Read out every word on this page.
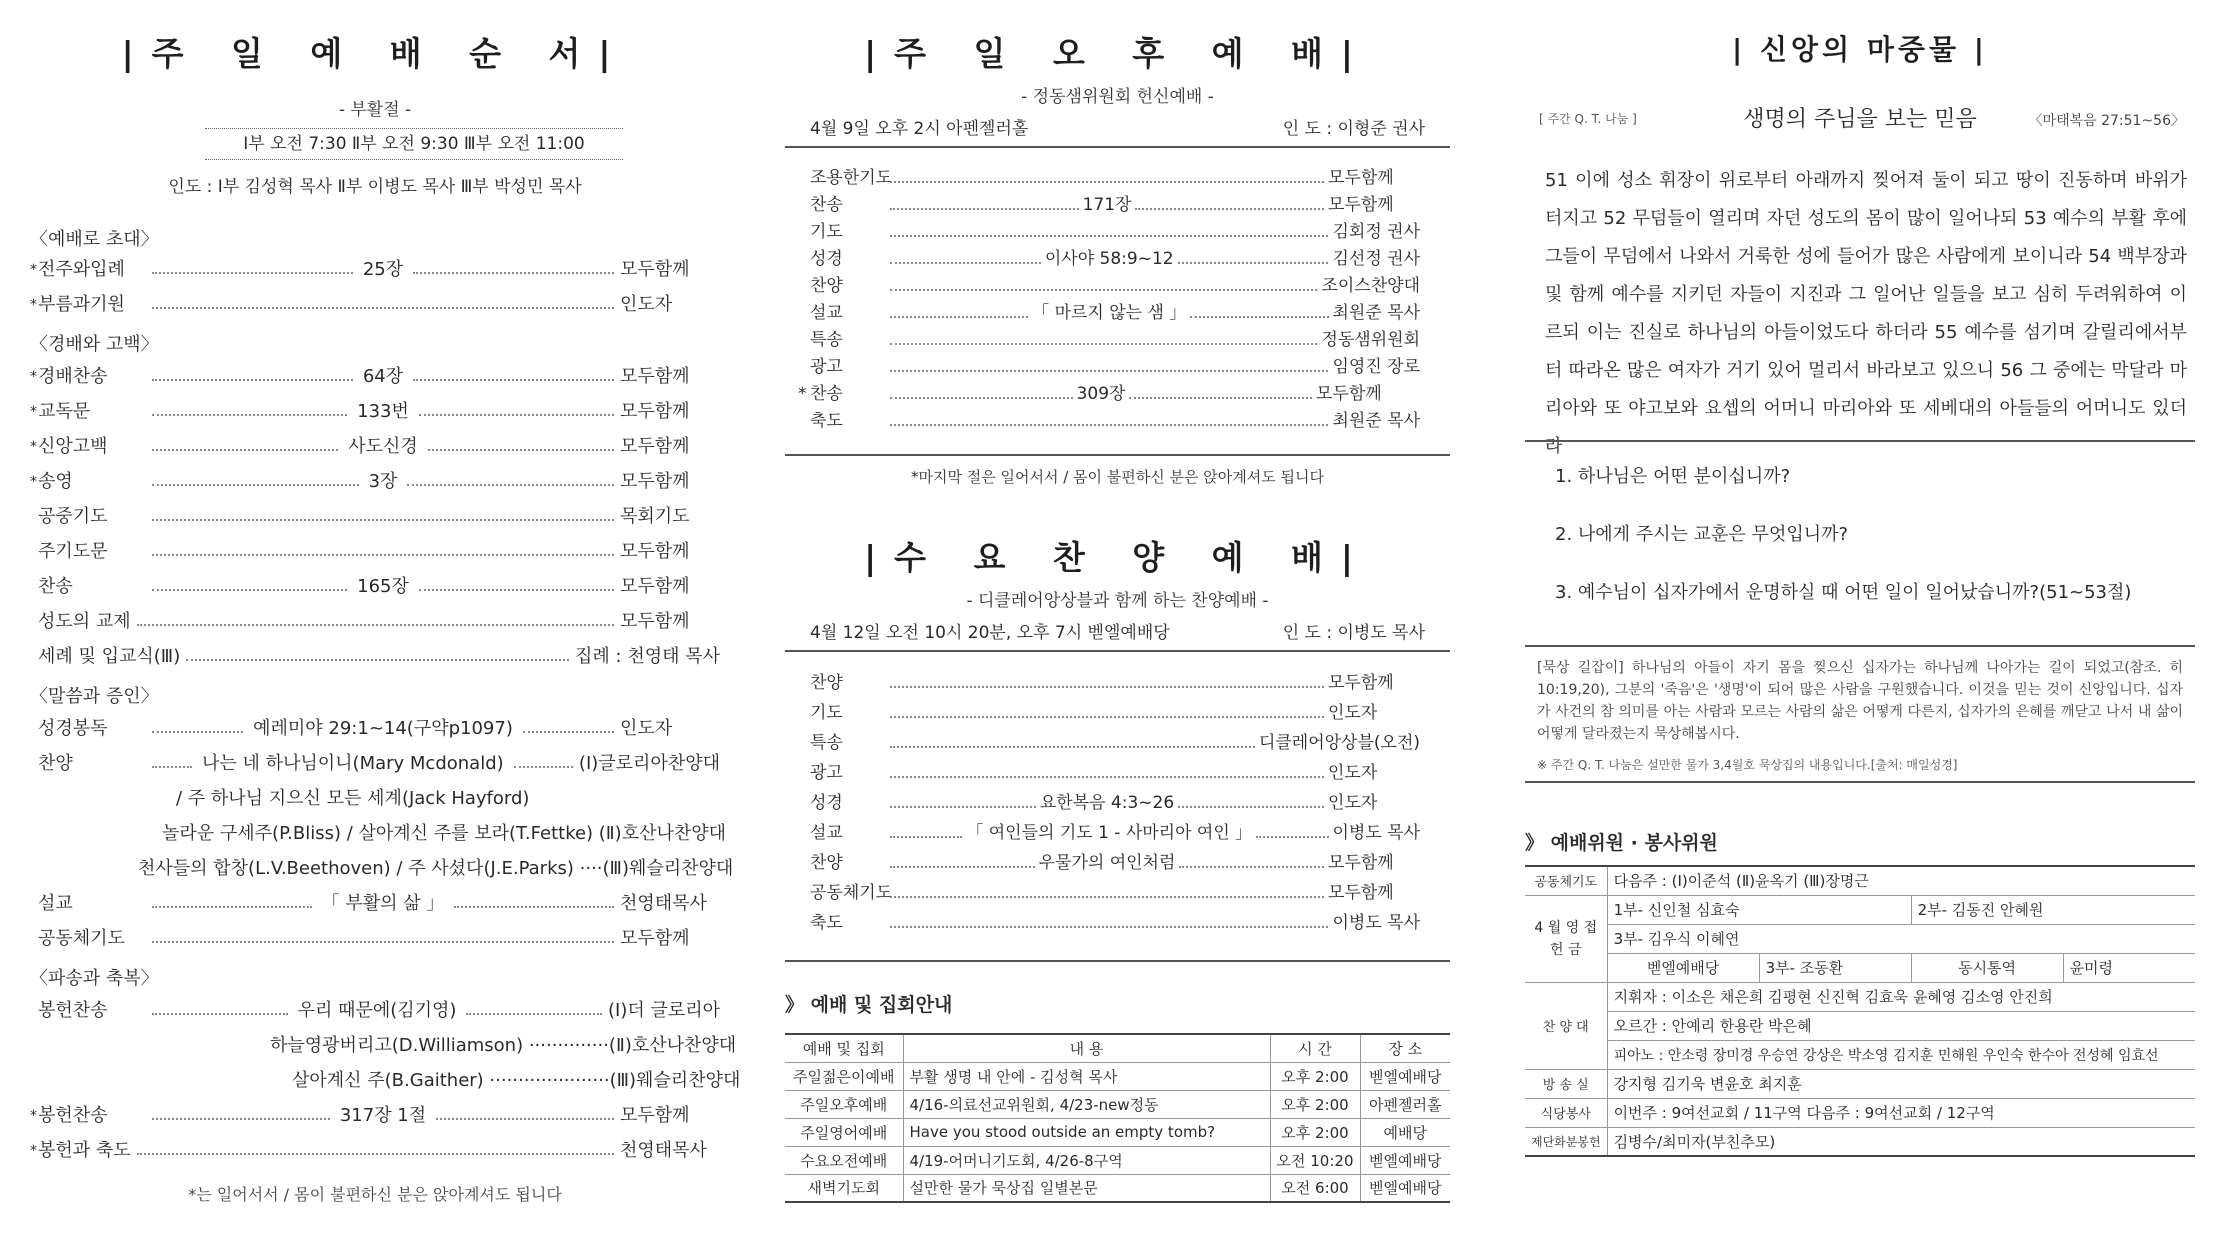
|주 일 예 배 순 서|
- 부활절 -
Ⅰ부 오전 7:30 Ⅱ부 오전 9:30 Ⅲ부 오전 11:00
인도 : Ⅰ부 김성혁 목사 Ⅱ부 이병도 목사 Ⅲ부 박성민 목사
〈예배로 초대〉
* 전주와입례	25장	모두함께
* 부름과기원	인도자
〈경배와 고백〉
* 경배찬송	64장	모두함께
* 교독문	133번	모두함께
* 신앙고백	사도신경	모두함께
* 송영	3장	모두함께
공중기도	목회기도
주기도문	모두함께
찬송	165장	모두함께
성도의 교제	모두함께
세례 및 입교식(Ⅲ)	집례 : 천영태 목사
〈말씀과 증인〉
성경봉독	예레미야 29:1~14(구약p1097)	인도자
찬양	나는 네 하나님이니(Mary Mcdonald)	(Ⅰ)글로리아찬양대
/ 주 하나님 지으신 모든 세계(Jack Hayford)
놀라운 구세주(P.Bliss) / 살아계신 주를 보라(T.Fettke) (Ⅱ)호산나찬양대
천사들의 합창(L.V.Beethoven) / 주 사셨다(J.E.Parks) ····(Ⅲ)웨슬리찬양대
설교	「 부활의 삶 」	천영태목사
공동체기도	모두함께
〈파송과 축복〉
봉헌찬송	우리 때문에(김기영)	(Ⅰ)더 글로리아
하늘영광버리고(D.Williamson) ··············(Ⅱ)호산나찬양대
살아계신 주(B.Gaither) ·····················(Ⅲ)웨슬리찬양대
* 봉헌찬송	317장 1절	모두함께
* 봉헌과 축도	천영태목사
*는 일어서서 / 몸이 불편하신 분은 앉아계셔도 됩니다
|주 일 오 후 예 배|
- 정동샘위원회 헌신예배 -
4월 9일 오후 2시 아펜젤러홀	인 도 : 이형준 권사
조용한기도	모두함께
찬송	171장	모두함께
기도	김회정 권사
성경	이사야 58:9~12	김선정 권사
찬양	조이스찬양대
설교	「 마르지 않는 샘 」	최원준 목사
특송	정동샘위원회
광고	임영진 장로
* 찬송	309장	모두함께
축도	최원준 목사
*마지막 절은 일어서서 / 몸이 불편하신 분은 앉아계셔도 됩니다
|수 요 찬 양 예 배|
- 디클레어앙상블과 함께 하는 찬양예배 -
4월 12일 오전 10시 20분, 오후 7시 벧엘예배당	인 도 : 이병도 목사
찬양	모두함께
기도	인도자
특송	디클레어앙상블(오전)
광고	인도자
성경	요한복음 4:3~26	인도자
설교	「 여인들의 기도 1 - 사마리아 여인 」	이병도 목사
찬양	우물가의 여인처럼	모두함께
공동체기도	모두함께
축도	이병도 목사
》 예배 및 집회안내
예배 및 집회	내 용	시 간	장 소
주일젊은이예배	부활 생명 내 안에 - 김성혁 목사	오후 2:00	벧엘예배당
주일오후예배	4/16-의료선교위원회, 4/23-new정동	오후 2:00	아펜젤러홀
주일영어예배	Have you stood outside an empty tomb?	오후 2:00	예배당
수요오전예배	4/19-어머니기도회, 4/26-8구역	오전 10:20	벧엘예배당
새벽기도회	설만한 물가 묵상집 일별본문	오전 6:00	벧엘예배당
| 신앙의 마중물 |
[ 주간 Q. T. 나눔 ]	생명의 주님을 보는 믿음	〈마태복음 27:51~56〉
51 이에 성소 휘장이 위로부터 아래까지 찢어져 둘이 되고 땅이 진동하며 바위가 터지고 52 무덤들이 열리며 자던 성도의 몸이 많이 일어나되 53 예수의 부활 후에 그들이 무덤에서 나와서 거룩한 성에 들어가 많은 사람에게 보이니라 54 백부장과 및 함께 예수를 지키던 자들이 지진과 그 일어난 일들을 보고 심히 두려워하여 이르되 이는 진실로 하나님의 아들이었도다 하더라 55 예수를 섬기며 갈릴리에서부터 따라온 많은 여자가 거기 있어 멀리서 바라보고 있으니 56 그 중에는 막달라 마리아와 또 야고보와 요셉의 어머니 마리아와 또 세베대의 아들들의 어머니도 있더라
1. 하나님은 어떤 분이십니까?
2. 나에게 주시는 교훈은 무엇입니까?
3. 예수님이 십자가에서 운명하실 때 어떤 일이 일어났습니까?(51~53절)
[묵상 길잡이] 하나님의 아들이 자기 몸을 찢으신 십자가는 하나님께 나아가는 길이 되었고(참조. 히 10:19,20), 그분의 '죽음'은 '생명'이 되어 많은 사람을 구원했습니다. 이것을 믿는 것이 신앙입니다. 십자가 사건의 참 의미를 아는 사람과 모르는 사람의 삶은 어떻게 다른지, 십자가의 은혜를 깨닫고 나서 내 삶이 어떻게 달라졌는지 묵상해봅시다.
※ 주간 Q. T. 나눔은 설만한 물가 3,4월호 묵상집의 내용입니다.[출처: 매일성경]
》 예배위원 · 봉사위원
공동체기도	다음주 : (Ⅰ)이준석 (Ⅱ)윤옥기 (Ⅲ)장명근			
4 월 영 접 헌 금	1부- 신인철 심효숙		2부- 김동진 안혜원	
	3부- 김우식 이혜연			
	벧엘예배당	3부- 조동환	동시통역	윤미령
찬 양 대	지휘자 : 이소은 채은희 김평현 신진혁 김효욱 윤혜영 김소영 안진희			
	오르간 : 안예리 한용란 박은혜			
	피아노 : 안소령 장미경 우승연 강상은 박소영 김지훈 민해원 우인숙 한수아 전성혜 임효선			
방 송 실	강지형 김기욱 변윤호 최지훈			
식당봉사	이번주 : 9여선교회 / 11구역 다음주 : 9여선교회 / 12구역			
제단화분봉헌	김병수/최미자(부친추모)			
